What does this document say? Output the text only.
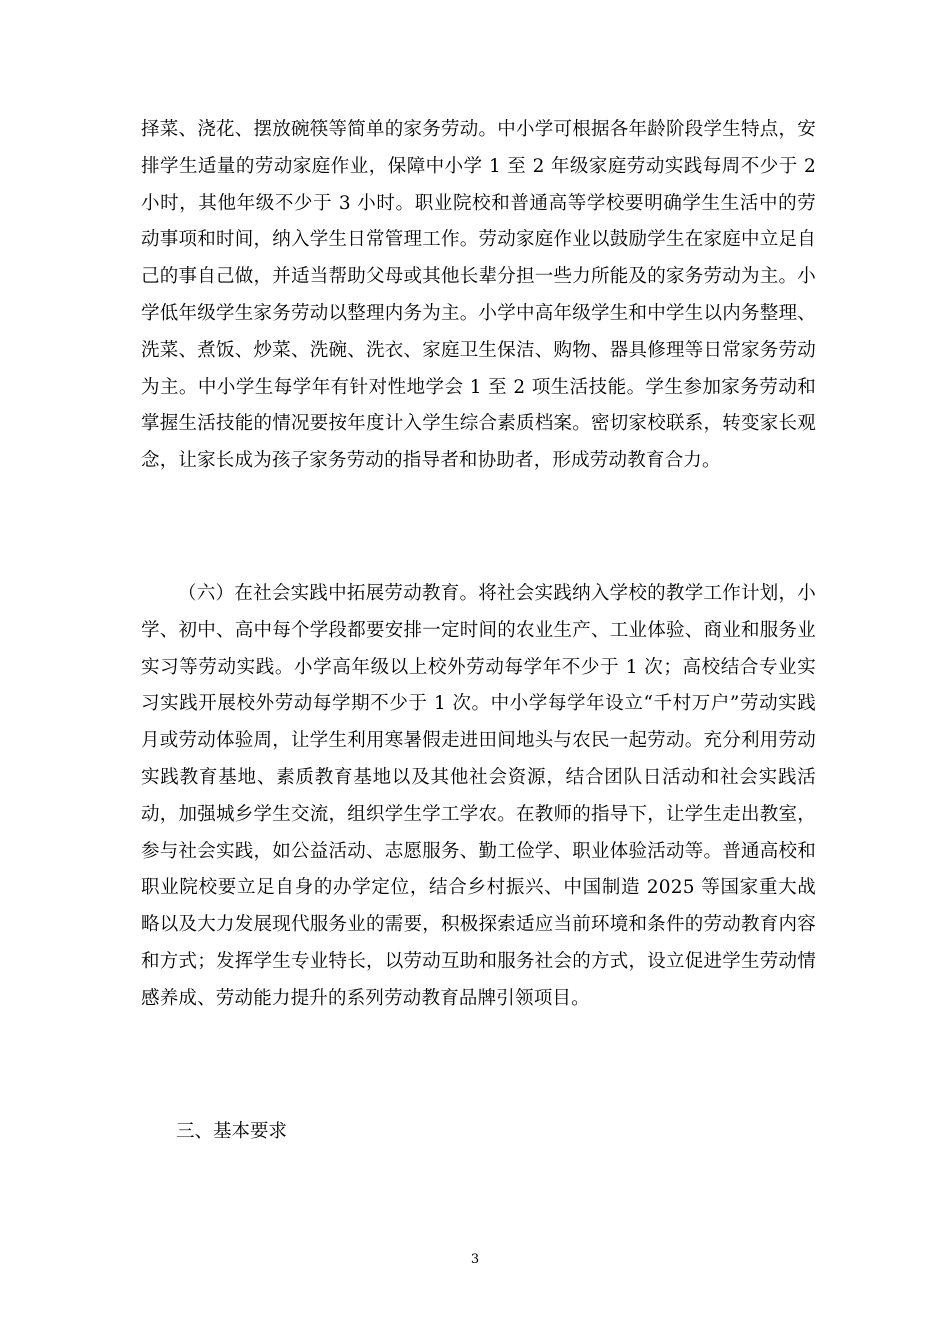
择菜、浇花、摆放碗筷等简单的家务劳动。中小学可根据各年龄阶段学生特点，安排学生适量的劳动家庭作业，保障中小学 1 至 2 年级家庭劳动实践每周不少于 2 小时，其他年级不少于 3 小时。职业院校和普通高等学校要明确学生生活中的劳动事项和时间，纳入学生日常管理工作。劳动家庭作业以鼓励学生在家庭中立足自己的事自己做，并适当帮助父母或其他长辈分担一些力所能及的家务劳动为主。小学低年级学生家务劳动以整理内务为主。小学中高年级学生和中学生以内务整理、洗菜、煮饭、炒菜、洗碗、洗衣、家庭卫生保洁、购物、器具修理等日常家务劳动为主。中小学生每学年有针对性地学会 1 至 2 项生活技能。学生参加家务劳动和掌握生活技能的情况要按年度计入学生综合素质档案。密切家校联系，转变家长观念，让家长成为孩子家务劳动的指导者和协助者，形成劳动教育合力。

（六）在社会实践中拓展劳动教育。将社会实践纳入学校的教学工作计划，小学、初中、高中每个学段都要安排一定时间的农业生产、工业体验、商业和服务业实习等劳动实践。小学高年级以上校外劳动每学年不少于 1 次；高校结合专业实习实践开展校外劳动每学期不少于 1 次。中小学每学年设立“千村万户”劳动实践月或劳动体验周，让学生利用寒暑假走进田间地头与农民一起劳动。充分利用劳动实践教育基地、素质教育基地以及其他社会资源，结合团队日活动和社会实践活动，加强城乡学生交流，组织学生学工学农。在教师的指导下，让学生走出教室，参与社会实践，如公益活动、志愿服务、勤工俭学、职业体验活动等。普通高校和职业院校要立足自身的办学定位，结合乡村振兴、中国制造 2025 等国家重大战略以及大力发展现代服务业的需要，积极探索适应当前环境和条件的劳动教育内容和方式；发挥学生专业特长，以劳动互助和服务社会的方式，设立促进学生劳动情感养成、劳动能力提升的系列劳动教育品牌引领项目。

三、基本要求

3
